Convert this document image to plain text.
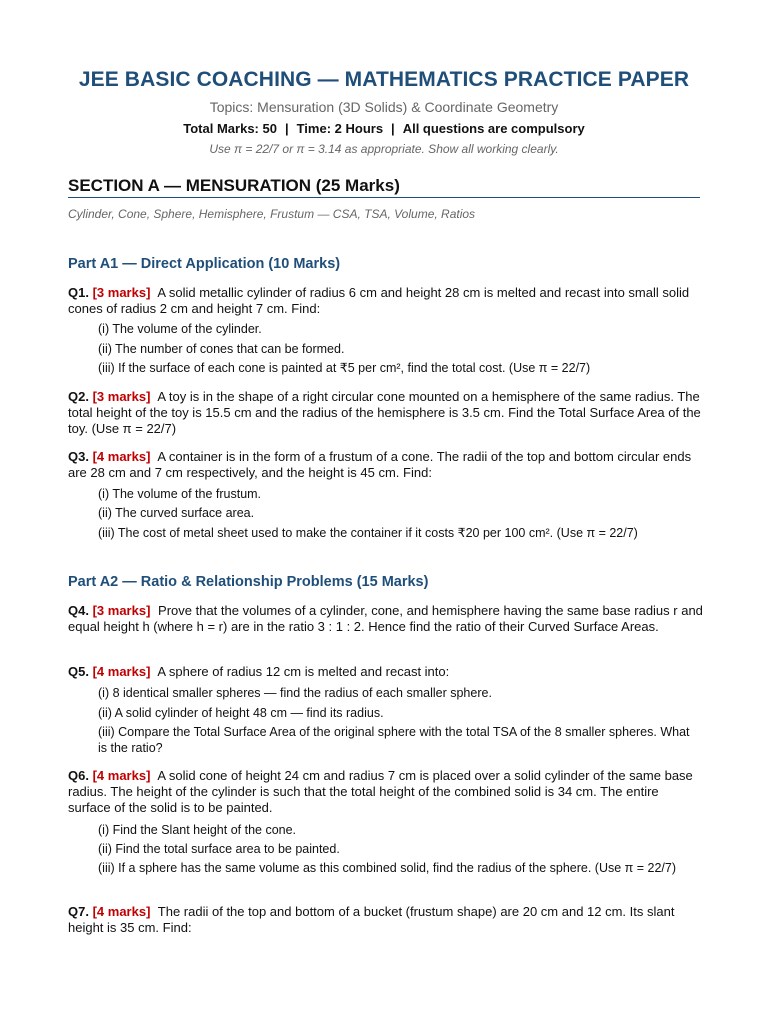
JEE BASIC COACHING — MATHEMATICS PRACTICE PAPER
Topics: Mensuration (3D Solids) & Coordinate Geometry
Total Marks: 50 | Time: 2 Hours | All questions are compulsory
Use π = 22/7 or π = 3.14 as appropriate. Show all working clearly.
SECTION A — MENSURATION (25 Marks)
Cylinder, Cone, Sphere, Hemisphere, Frustum — CSA, TSA, Volume, Ratios
Part A1 — Direct Application (10 Marks)
Q1. [3 marks] A solid metallic cylinder of radius 6 cm and height 28 cm is melted and recast into small solid cones of radius 2 cm and height 7 cm. Find:
(i) The volume of the cylinder.
(ii) The number of cones that can be formed.
(iii) If the surface of each cone is painted at ₹5 per cm², find the total cost. (Use π = 22/7)
Q2. [3 marks] A toy is in the shape of a right circular cone mounted on a hemisphere of the same radius. The total height of the toy is 15.5 cm and the radius of the hemisphere is 3.5 cm. Find the Total Surface Area of the toy. (Use π = 22/7)
Q3. [4 marks] A container is in the form of a frustum of a cone. The radii of the top and bottom circular ends are 28 cm and 7 cm respectively, and the height is 45 cm. Find:
(i) The volume of the frustum.
(ii) The curved surface area.
(iii) The cost of metal sheet used to make the container if it costs ₹20 per 100 cm². (Use π = 22/7)
Part A2 — Ratio & Relationship Problems (15 Marks)
Q4. [3 marks] Prove that the volumes of a cylinder, cone, and hemisphere having the same base radius r and equal height h (where h = r) are in the ratio 3 : 1 : 2. Hence find the ratio of their Curved Surface Areas.
Q5. [4 marks] A sphere of radius 12 cm is melted and recast into:
(i) 8 identical smaller spheres — find the radius of each smaller sphere.
(ii) A solid cylinder of height 48 cm — find its radius.
(iii) Compare the Total Surface Area of the original sphere with the total TSA of the 8 smaller spheres. What is the ratio?
Q6. [4 marks] A solid cone of height 24 cm and radius 7 cm is placed over a solid cylinder of the same base radius. The height of the cylinder is such that the total height of the combined solid is 34 cm. The entire surface of the solid is to be painted.
(i) Find the Slant height of the cone.
(ii) Find the total surface area to be painted.
(iii) If a sphere has the same volume as this combined solid, find the radius of the sphere. (Use π = 22/7)
Q7. [4 marks] The radii of the top and bottom of a bucket (frustum shape) are 20 cm and 12 cm. Its slant height is 35 cm. Find:
